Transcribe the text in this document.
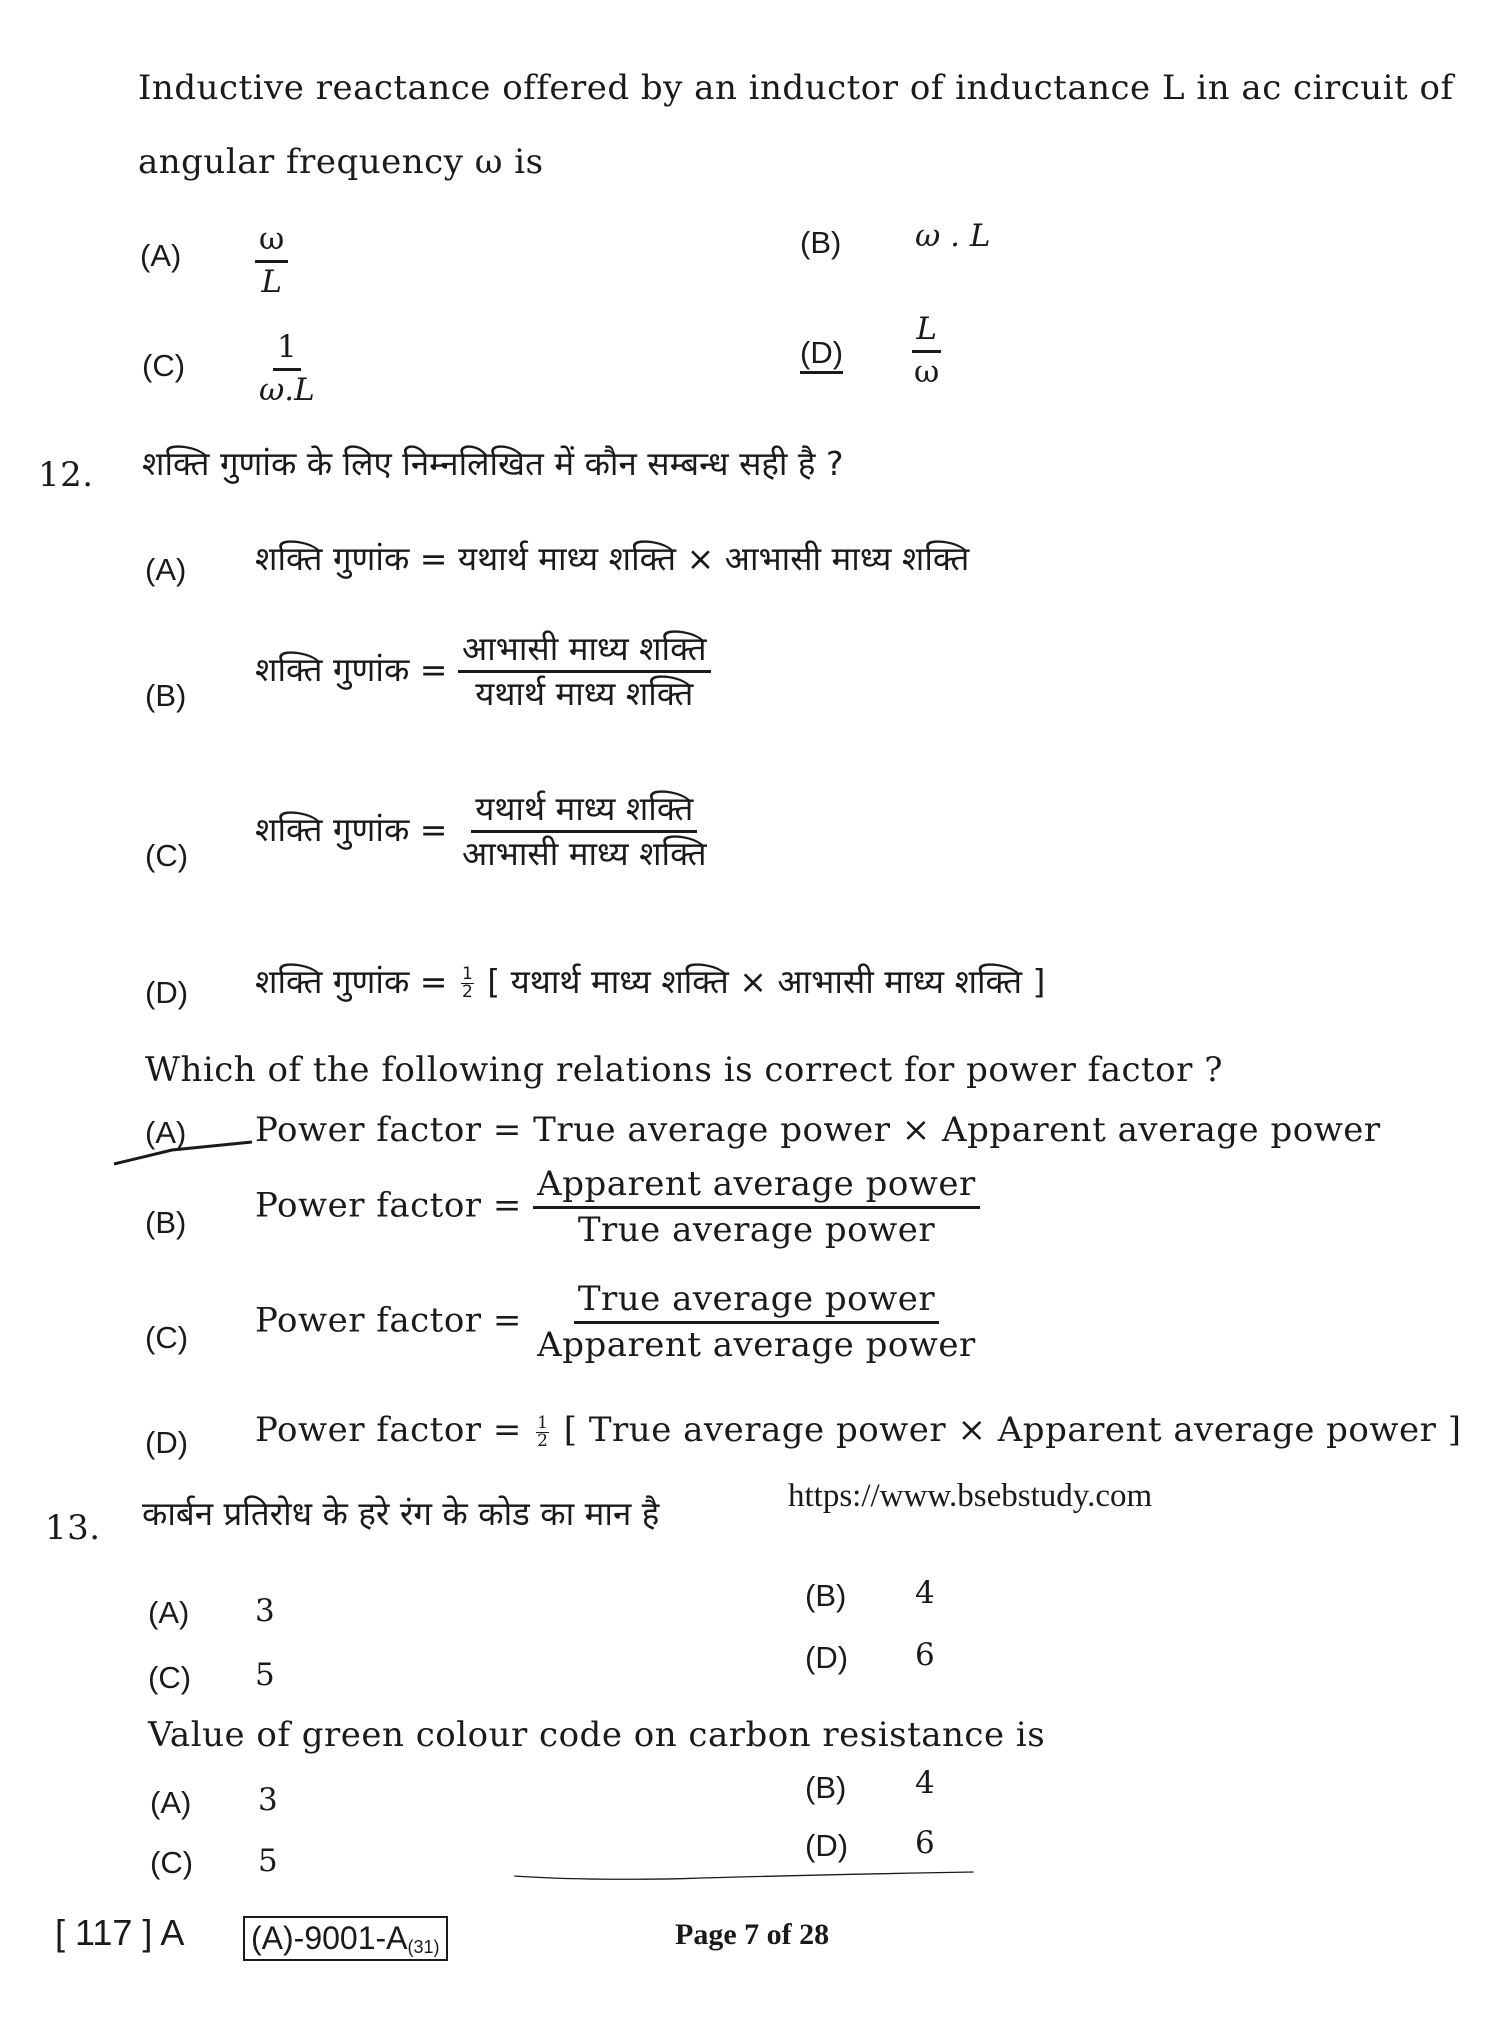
Inductive reactance offered by an inductor of inductance L in ac circuit of
angular frequency ω is
$(A) \frac{\omega}{L}$	(B) ω . L
$(C) \frac{1}{\omega.L}$	$(D) \frac{L}{\omega}$
12. शक्ति गुणांक के लिए निम्नलिखित में कौन सम्बन्ध सही है ?
(A) शक्ति गुणांक = यथार्थ माध्य शक्ति × आभासी माध्य शक्ति
(B)
शक्ति गुणांक = $\frac{\text{आभासी माध्य शक्ति}}{\text{यथार्थ माध्य शक्ति}}$
(C)
शक्ति गुणांक = $\frac{\text{यथार्थ माध्य शक्ति}}{\text{आभासी माध्य शक्ति}}$
(D) शक्ति गुणांक = $\frac{1}{2}$ [ यथार्थ माध्य शक्ति × आभासी माध्य शक्ति ]
Which of the following relations is correct for power factor ?
(A) Power factor = True average power × Apparent average power
(B) Power factor = $\frac{\text{Apparent average power}}{\text{True average power}}$
(C) Power factor = $\frac{\text{True average power}}{\text{Apparent average power}}$
(D) Power factor = $\frac{1}{2}$ [ True average power × Apparent average power ]
13. कार्बन प्रतिरोध के हरे रंग के कोड का मान है	https://www.bsebstudy.com
(A) 3	(B) 4
(C) 5	(D) 6
Value of green colour code on carbon resistance is
(A) 3	(B) 4
(C) 5	(D) 6
[ 117 ] A $(A)-9001-A_{(31)}$	Page 7 of 28
